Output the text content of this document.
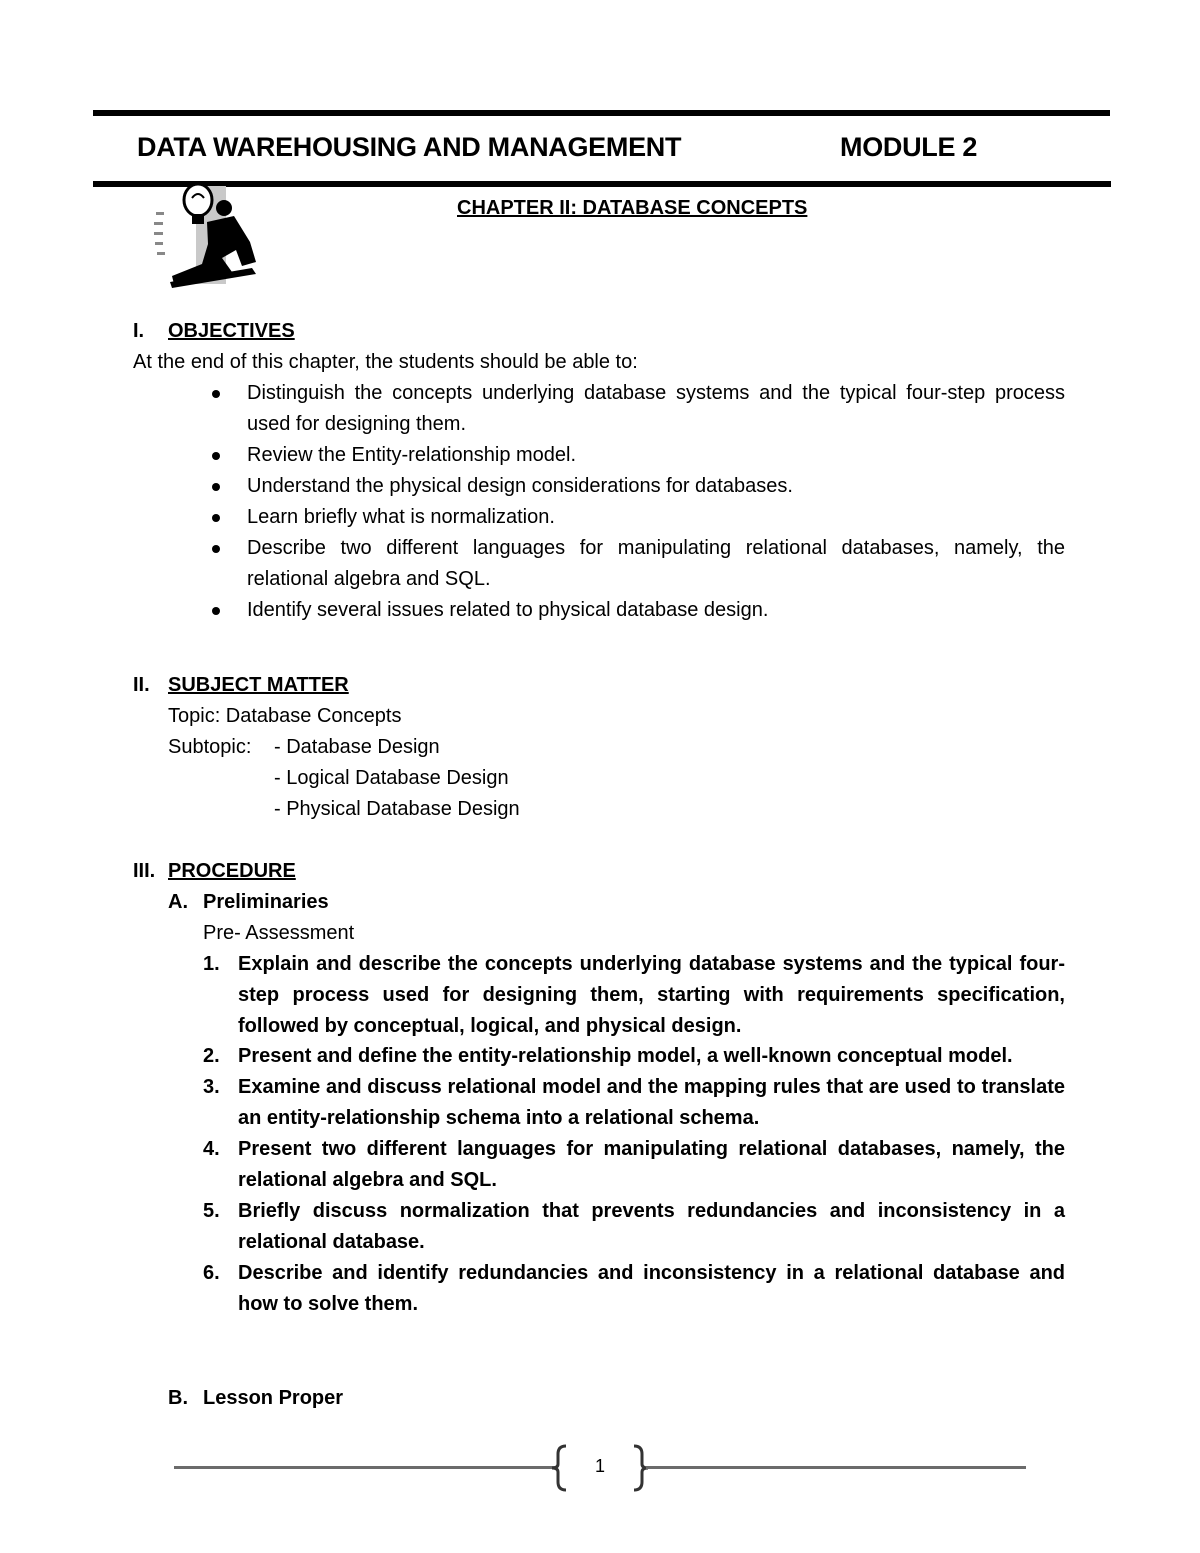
DATA WAREHOUSING AND MANAGEMENT	MODULE 2
CHAPTER II: DATABASE CONCEPTS
I. OBJECTIVES
At the end of this chapter, the students should be able to:
Distinguish the concepts underlying database systems and the typical four-step process used for designing them.
Review the Entity-relationship model.
Understand the physical design considerations for databases.
Learn briefly what is normalization.
Describe two different languages for manipulating relational databases, namely, the relational algebra and SQL.
Identify several issues related to physical database design.
II. SUBJECT MATTER
Topic: Database Concepts
Subtopic: - Database Design
- Logical Database Design
- Physical Database Design
III. PROCEDURE
A. Preliminaries
Pre- Assessment
1. Explain and describe the concepts underlying database systems and the typical four-step process used for designing them, starting with requirements specification, followed by conceptual, logical, and physical design.
2. Present and define the entity-relationship model, a well-known conceptual model.
3. Examine and discuss relational model and the mapping rules that are used to translate an entity-relationship schema into a relational schema.
4. Present two different languages for manipulating relational databases, namely, the relational algebra and SQL.
5. Briefly discuss normalization that prevents redundancies and inconsistency in a relational database.
6. Describe and identify redundancies and inconsistency in a relational database and how to solve them.
B. Lesson Proper
1
